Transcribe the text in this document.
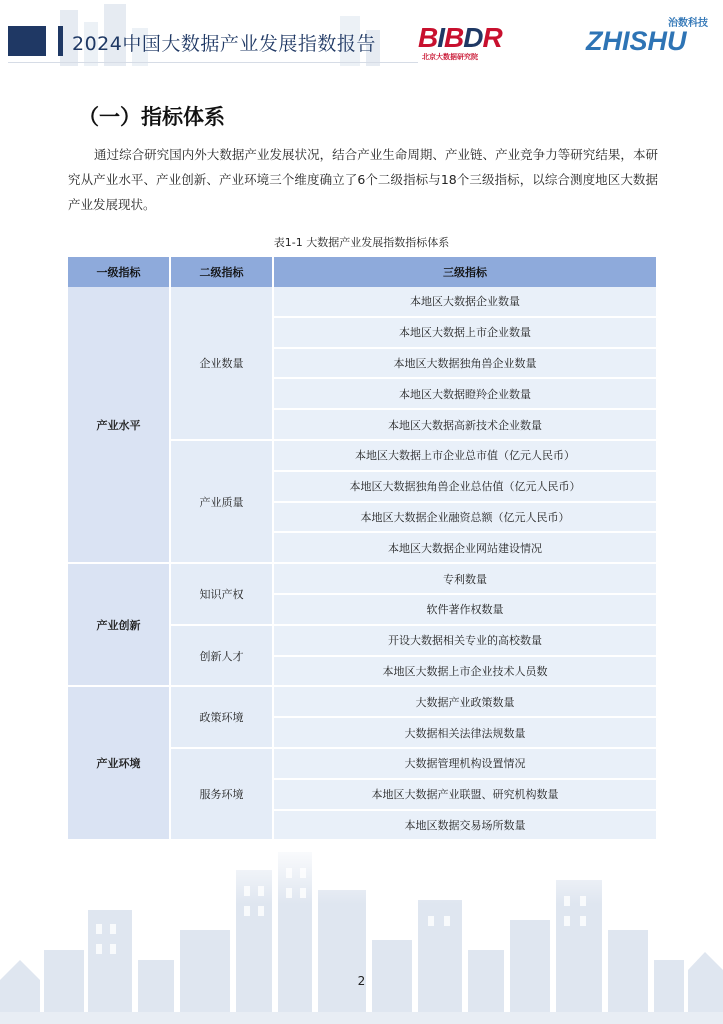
2024中国大数据产业发展指数报告 BIBDR
北京大数据研究院
治数科技
ZHISHU
（一）指标体系

通过综合研究国内外大数据产业发展状况，结合产业生命周期、产业链、产业竞争力等研究结果，本研究从产业水平、产业创新、产业环境三个维度确立了6个二级指标与18个三级指标，以综合测度地区大数据产业发展现状。

表1-1 大数据产业发展指数指标体系
一级指标	二级指标	三级指标
产业水平	企业数量	本地区大数据企业数量
		本地区大数据上市企业数量
		本地区大数据独角兽企业数量
		本地区大数据瞪羚企业数量
		本地区大数据高新技术企业数量
	产业质量	本地区大数据上市企业总市值（亿元人民币）
		本地区大数据独角兽企业总估值（亿元人民币）
		本地区大数据企业融资总额（亿元人民币）
		本地区大数据企业网站建设情况
产业创新	知识产权	专利数量
		软件著作权数量
	创新人才	开设大数据相关专业的高校数量
		本地区大数据上市企业技术人员数
产业环境	政策环境	大数据产业政策数量
		大数据相关法律法规数量
	服务环境	大数据管理机构设置情况
		本地区大数据产业联盟、研究机构数量
		本地区数据交易场所数量
2
